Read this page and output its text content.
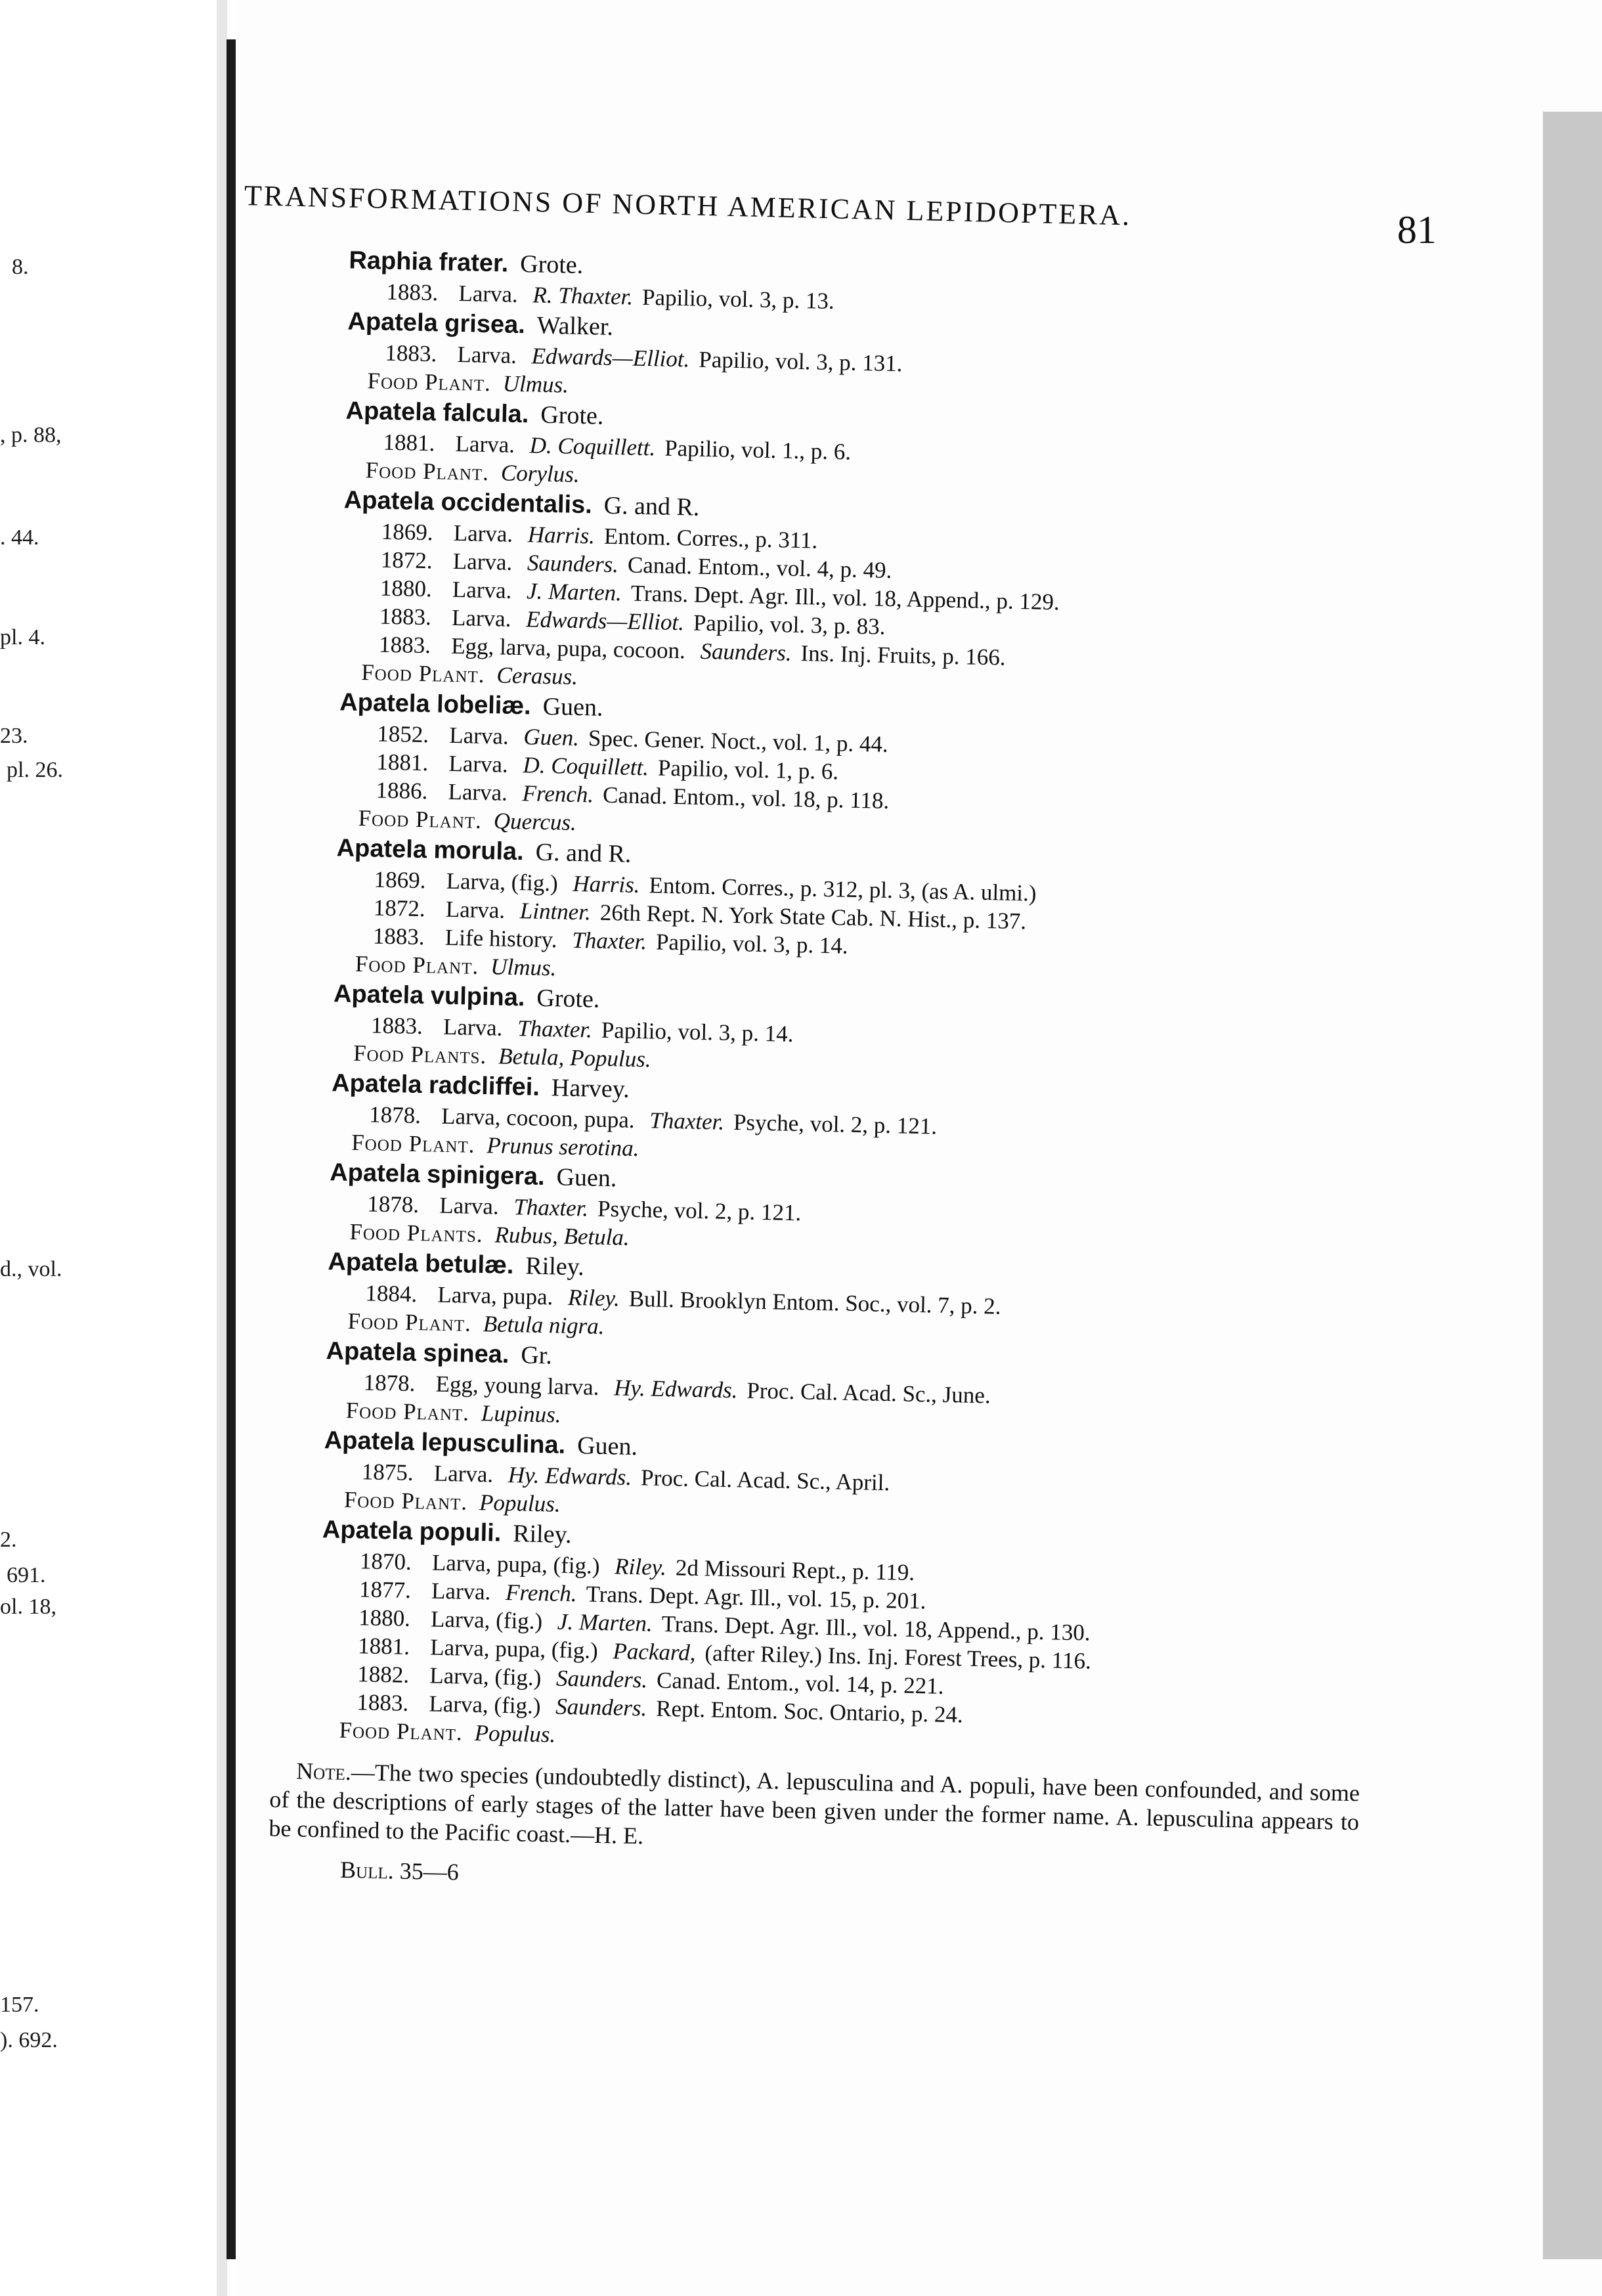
8.
, p. 88,
. 44.
pl. 4.
23.
pl. 26.
d., vol.
2.
691.
ol. 18,
157.
). 692.
TRANSFORMATIONS OF NORTH AMERICAN LEPIDOPTERA.	81
Raphia frater. Grote.
1883. Larva. R. Thaxter. Papilio, vol. 3, p. 13.
Apatela grisea. Walker.
1883. Larva. Edwards—Elliot. Papilio, vol. 3, p. 131.
Food Plant. Ulmus.
Apatela falcula. Grote.
1881. Larva. D. Coquillett. Papilio, vol. 1., p. 6.
Food Plant. Corylus.
Apatela occidentalis. G. and R.
1869. Larva. Harris. Entom. Corres., p. 311.
1872. Larva. Saunders. Canad. Entom., vol. 4, p. 49.
1880. Larva. J. Marten. Trans. Dept. Agr. Ill., vol. 18, Append., p. 129.
1883. Larva. Edwards—Elliot. Papilio, vol. 3, p. 83.
1883. Egg, larva, pupa, cocoon. Saunders. Ins. Inj. Fruits, p. 166.
Food Plant. Cerasus.
Apatela lobeliæ. Guen.
1852. Larva. Guen. Spec. Gener. Noct., vol. 1, p. 44.
1881. Larva. D. Coquillett. Papilio, vol. 1, p. 6.
1886. Larva. French. Canad. Entom., vol. 18, p. 118.
Food Plant. Quercus.
Apatela morula. G. and R.
1869. Larva, (fig.) Harris. Entom. Corres., p. 312, pl. 3, (as A. ulmi.)
1872. Larva. Lintner. 26th Rept. N. York State Cab. N. Hist., p. 137.
1883. Life history. Thaxter. Papilio, vol. 3, p. 14.
Food Plant. Ulmus.
Apatela vulpina. Grote.
1883. Larva. Thaxter. Papilio, vol. 3, p. 14.
Food Plants. Betula, Populus.
Apatela radcliffei. Harvey.
1878. Larva, cocoon, pupa. Thaxter. Psyche, vol. 2, p. 121.
Food Plant. Prunus serotina.
Apatela spinigera. Guen.
1878. Larva. Thaxter. Psyche, vol. 2, p. 121.
Food Plants. Rubus, Betula.
Apatela betulæ. Riley.
1884. Larva, pupa. Riley. Bull. Brooklyn Entom. Soc., vol. 7, p. 2.
Food Plant. Betula nigra.
Apatela spinea. Gr.
1878. Egg, young larva. Hy. Edwards. Proc. Cal. Acad. Sc., June.
Food Plant. Lupinus.
Apatela lepusculina. Guen.
1875. Larva. Hy. Edwards. Proc. Cal. Acad. Sc., April.
Food Plant. Populus.
Apatela populi. Riley.
1870. Larva, pupa, (fig.) Riley. 2d Missouri Rept., p. 119.
1877. Larva. French. Trans. Dept. Agr. Ill., vol. 15, p. 201.
1880. Larva, (fig.) J. Marten. Trans. Dept. Agr. Ill., vol. 18, Append., p. 130.
1881. Larva, pupa, (fig.) Packard, (after Riley.) Ins. Inj. Forest Trees, p. 116.
1882. Larva, (fig.) Saunders. Canad. Entom., vol. 14, p. 221.
1883. Larva, (fig.) Saunders. Rept. Entom. Soc. Ontario, p. 24.
Food Plant. Populus.
Note.—The two species (undoubtedly distinct), A. lepusculina and A. populi, have been confounded, and some of the descriptions of early stages of the latter have been given under the former name. A. lepusculina appears to be confined to the Pacific coast.—H. E.
Bull. 35—6
